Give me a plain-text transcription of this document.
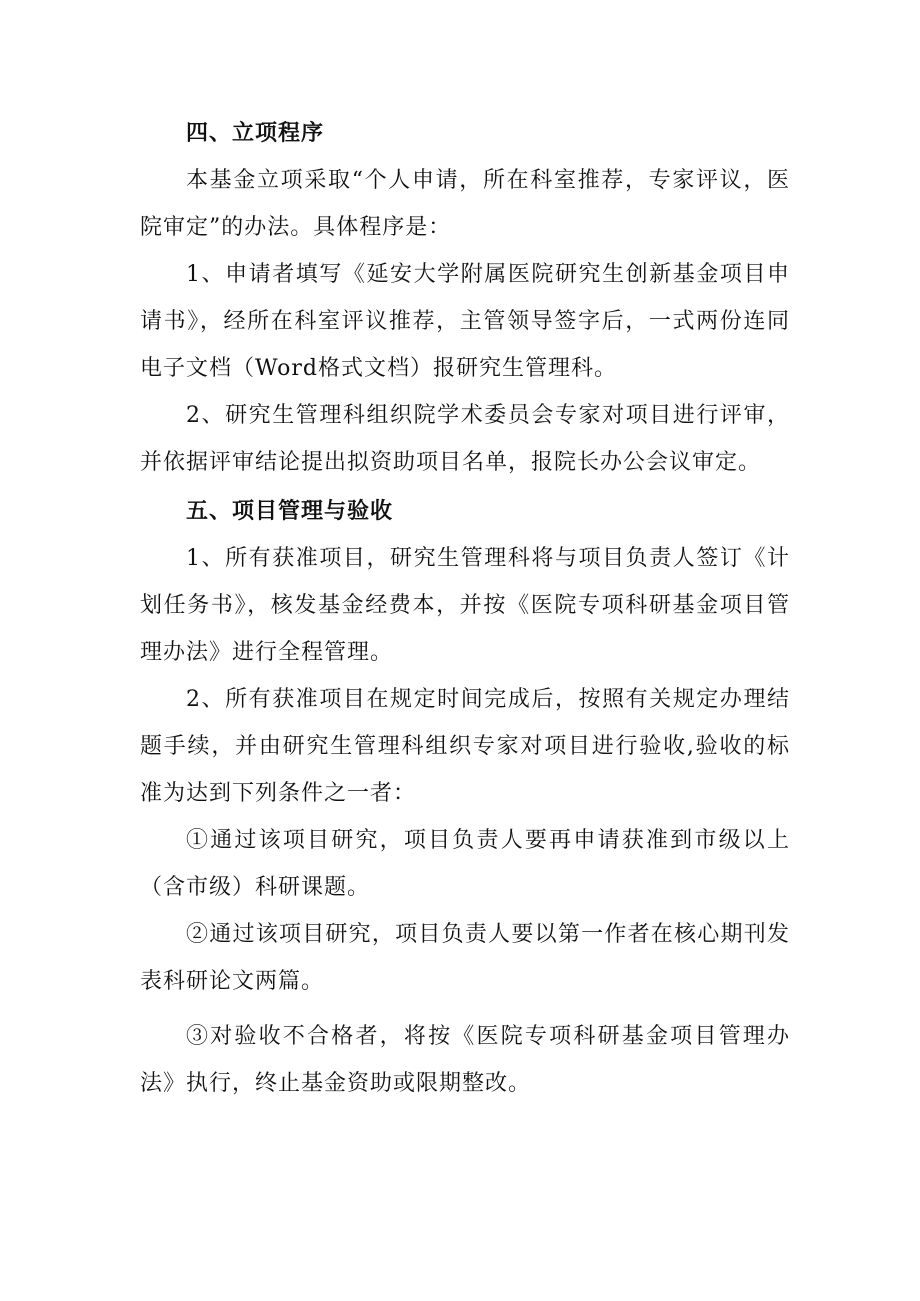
四、立项程序

本基金立项采取“个人申请，所在科室推荐，专家评议，医院审定”的办法。具体程序是：

1、申请者填写《延安大学附属医院研究生创新基金项目申请书》，经所在科室评议推荐，主管领导签字后，一式两份连同电子文档（Word格式文档）报研究生管理科。

2、研究生管理科组织院学术委员会专家对项目进行评审，并依据评审结论提出拟资助项目名单，报院长办公会议审定。

五、项目管理与验收

1、所有获准项目，研究生管理科将与项目负责人签订《计划任务书》，核发基金经费本，并按《医院专项科研基金项目管理办法》进行全程管理。

2、所有获准项目在规定时间完成后，按照有关规定办理结题手续，并由研究生管理科组织专家对项目进行验收,验收的标准为达到下列条件之一者：

①通过该项目研究，项目负责人要再申请获准到市级以上（含市级）科研课题。

②通过该项目研究，项目负责人要以第一作者在核心期刊发表科研论文两篇。

③对验收不合格者，将按《医院专项科研基金项目管理办法》执行，终止基金资助或限期整改。
